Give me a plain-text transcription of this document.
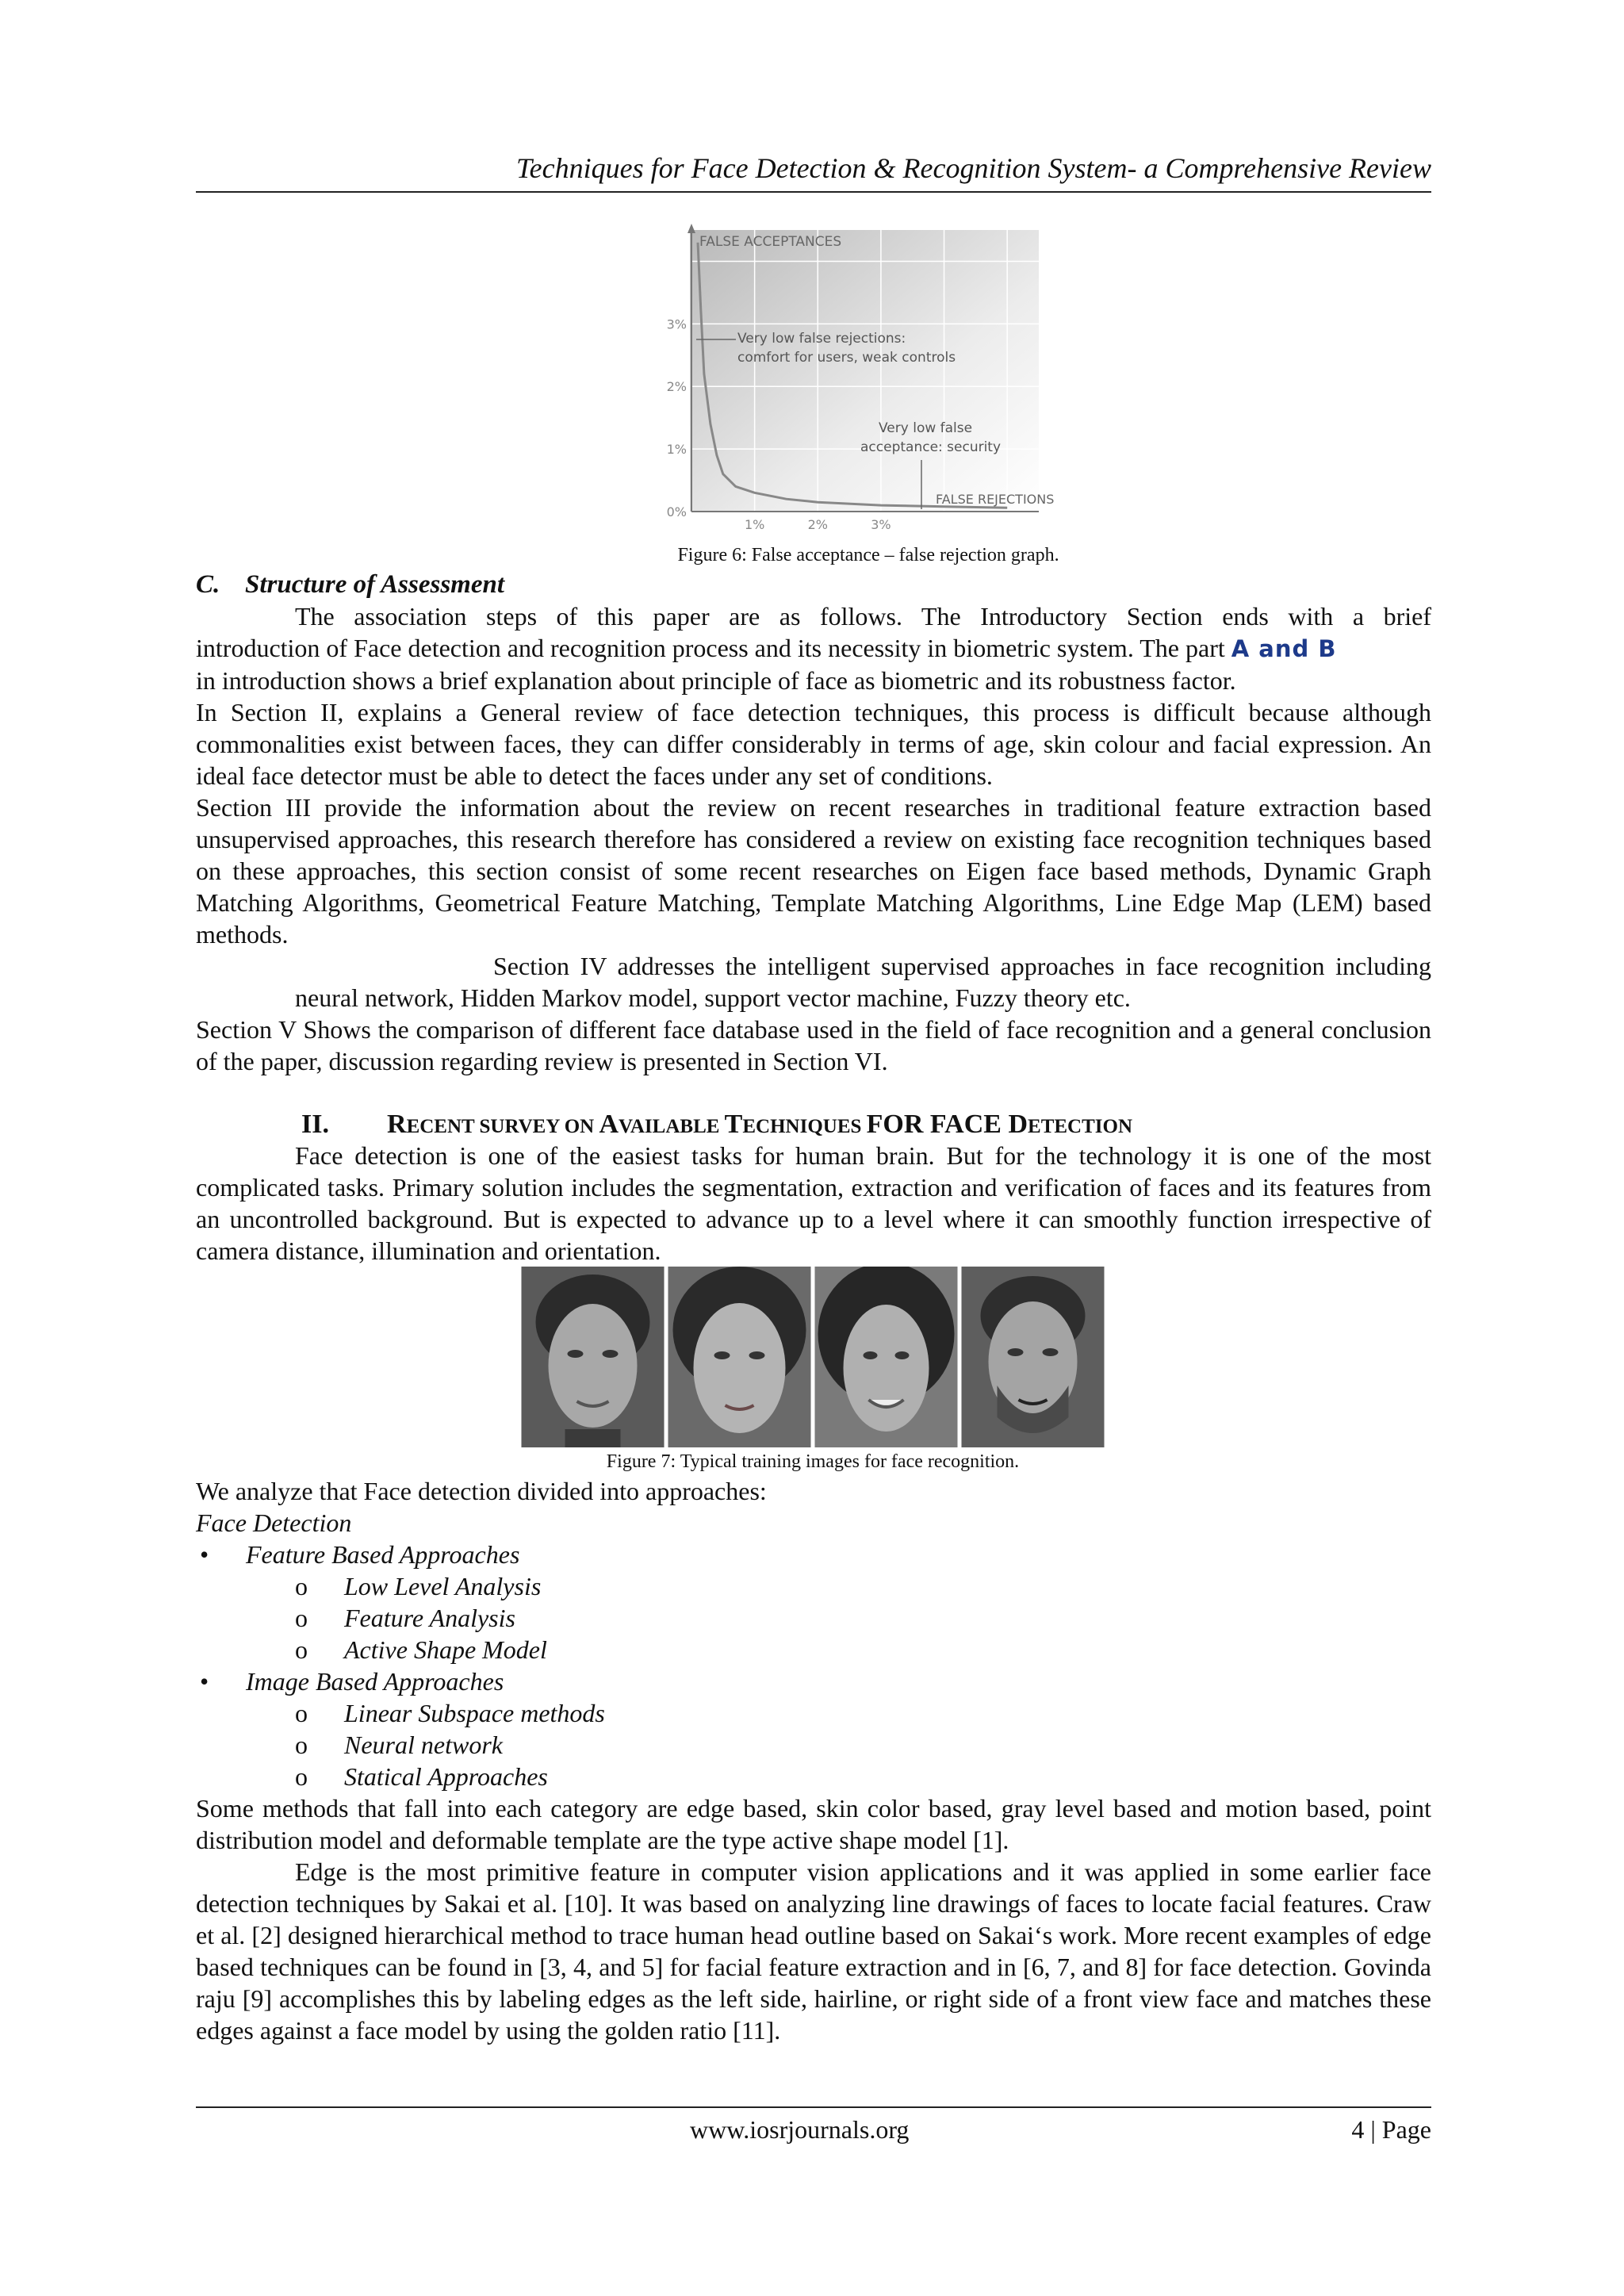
Techniques for Face Detection & Recognition System- a Comprehensive Review
FALSE ACCEPTANCES
FALSE REJECTIONS
3%
2%
1%
0%
1%	2%	3%
Very low false rejections:
comfort for users, weak controls
Very low false
acceptance: security
Figure 6: False acceptance – false rejection graph.
C. Structure of Assessment

The association steps of this paper are as follows. The Introductory Section ends with a brief

introduction of Face detection and recognition process and its necessity in biometric system. The part A and B

in introduction shows a brief explanation about principle of face as biometric and its robustness factor.

In Section II, explains a General review of face detection techniques, this process is difficult because although commonalities exist between faces, they can differ considerably in terms of age, skin colour and facial expression. An ideal face detector must be able to detect the faces under any set of conditions.

Section III provide the information about the review on recent researches in traditional feature extraction based unsupervised approaches, this research therefore has considered a review on existing face recognition techniques based on these approaches, this section consist of some recent researches on Eigen face based methods, Dynamic Graph Matching Algorithms, Geometrical Feature Matching, Template Matching Algorithms, Line Edge Map (LEM) based methods.

Section IV addresses the intelligent supervised approaches in face recognition including neural network, Hidden Markov model, support vector machine, Fuzzy theory etc.

Section V Shows the comparison of different face database used in the field of face recognition and a general conclusion of the paper, discussion regarding review is presented in Section VI.

II. RECENT SURVEY ON AVAILABLE TECHNIQUES FOR FACE DETECTION

Face detection is one of the easiest tasks for human brain. But for the technology it is one of the most complicated tasks. Primary solution includes the segmentation, extraction and verification of faces and its features from an uncontrolled background. But is expected to advance up to a level where it can smoothly function irrespective of camera distance, illumination and orientation.

Figure 7: Typical training images for face recognition.
We analyze that Face detection divided into approaches:
Face Detection
• Feature Based Approaches
o Low Level Analysis
o Feature Analysis
o Active Shape Model
• Image Based Approaches
o Linear Subspace methods
o Neural network
o Statical Approaches

Some methods that fall into each category are edge based, skin color based, gray level based and motion based, point distribution model and deformable template are the type active shape model [1].

Edge is the most primitive feature in computer vision applications and it was applied in some earlier face detection techniques by Sakai et al. [10]. It was based on analyzing line drawings of faces to locate facial features. Craw et al. [2] designed hierarchical method to trace human head outline based on Sakai‘s work. More recent examples of edge based techniques can be found in [3, 4, and 5] for facial feature extraction and in [6, 7, and 8] for face detection. Govinda raju [9] accomplishes this by labeling edges as the left side, hairline, or right side of a front view face and matches these edges against a face model by using the golden ratio [11].

www.iosrjournals.org	4 | Page
